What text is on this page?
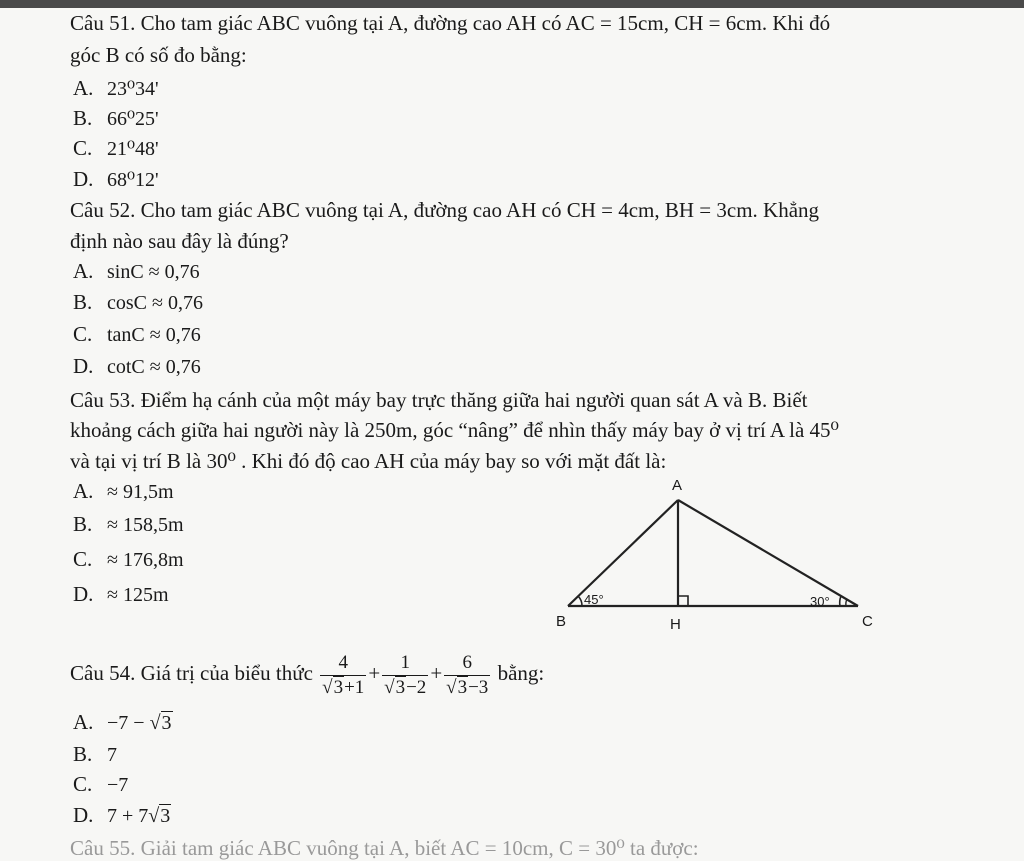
Câu 51. Cho tam giác ABC vuông tại A, đường cao AH có AC = 15cm, CH = 6cm. Khi đó
góc B có số đo bằng:
A. 23⁰34'
B. 66⁰25'
C. 21⁰48'
D. 68⁰12'
Câu 52. Cho tam giác ABC vuông tại A, đường cao AH có CH = 4cm, BH = 3cm. Khẳng
định nào sau đây là đúng?
A. sinC ≈ 0,76
B. cosC ≈ 0,76
C. tanC ≈ 0,76
D. cotC ≈ 0,76
Câu 53. Điểm hạ cánh của một máy bay trực thăng giữa hai người quan sát A và B. Biết
khoảng cách giữa hai người này là 250m, góc “nâng” để nhìn thấy máy bay ở vị trí A là 45⁰
và tại vị trí B là 30⁰ . Khi đó độ cao AH của máy bay so với mặt đất là:
A. ≈ 91,5m
B. ≈ 158,5m
C. ≈ 176,8m
D. ≈ 125m
A
B	H	C
45°	30°
Câu 54. Giá trị của biểu thức $\frac{4}{√3+1} + \frac{1}{√3-2} + \frac{6}{√3-3}$ bằng:
A. −7 − √3
B. 7
C. −7
D. 7 + 7√3
Câu 55. Giải tam giác ABC vuông tại A, biết AC = 10cm, C = 30⁰ ta được:
